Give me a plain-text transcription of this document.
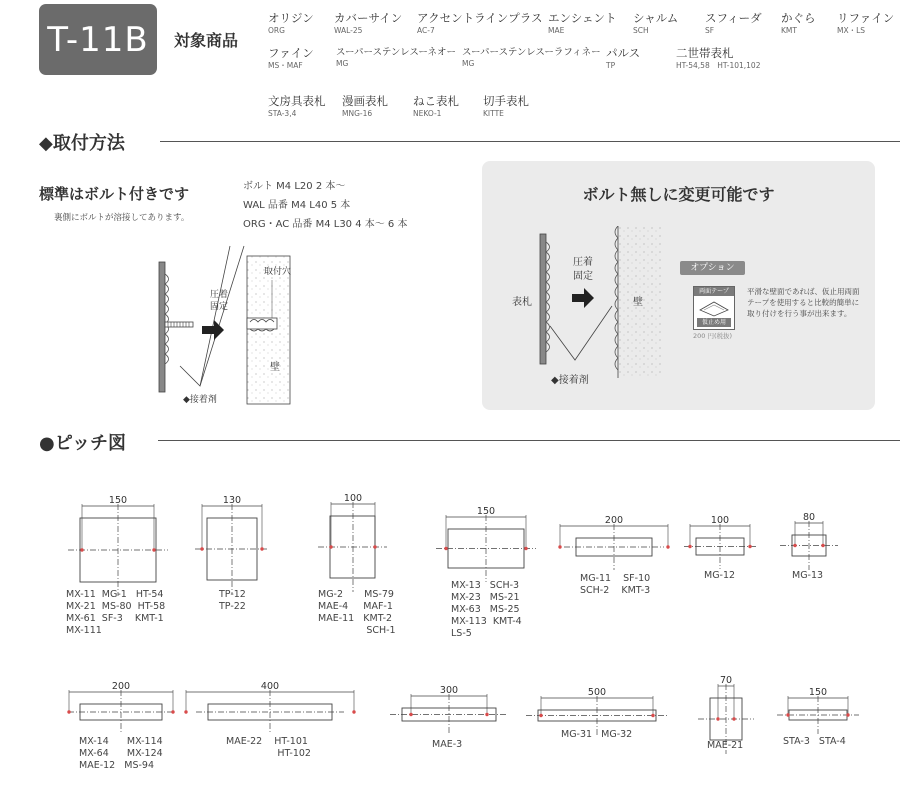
T-11B	対象商品
オリジン
ORG
カバーサイン
WAL-25
アクセントラインプラス
AC-7
エンシェント
MAE
シャルム
SCH
スフィーダ
SF
かぐら
KMT
リファイン
MX・LS
ファイン
MS・MAF
スーパーステンレスーネオー
MG
スーパーステンレスーラフィネー
MG
パルス
TP
二世帯表札
HT-54,58　HT-101,102
文房具表札
STA-3,4
漫画表札
MNG-16
ねこ表札
NEKO-1
切手表札
KITTE
◆取付方法
標準はボルト付きです
裏側にボルトが溶接してあります。
ボルト M4 L20 2 本〜
WAL 品番 M4 L40 5 本
ORG・AC 品番 M4 L30 4 本〜 6 本
圧着
固定
取付穴
壁
◆接着剤
ボルト無しに変更可能です
表札
圧着
固定
壁
◆接着剤
オプション
両面テープ
仮止め用
200 円(税抜)
平滑な壁面であれば、仮止用両面テープを使用すると比較的簡単に取り付けを行う事が出来ます。
●ピッチ図
150	130	100
150
200	100	80
200	400	300	500
70
150
MX-11  MG-1   HT-54
MX-21  MS-80  HT-58
MX-61  SF-3    KMT-1
MX-111
TP-12
TP-22
MG-2       MS-79
MAE-4     MAF-1
MAE-11   KMT-2
SCH-1
MX-13   SCH-3
MX-23   MS-21
MX-63   MS-25
MX-113  KMT-4
LS-5
MG-11    SF-10
SCH-2    KMT-3
MG-12	MG-13
MX-14      MX-114
MX-64      MX-124
MAE-12   MS-94
MAE-22    HT-101
HT-102
MAE-3
MG-31   MG-32
MAE-21	STA-3   STA-4
